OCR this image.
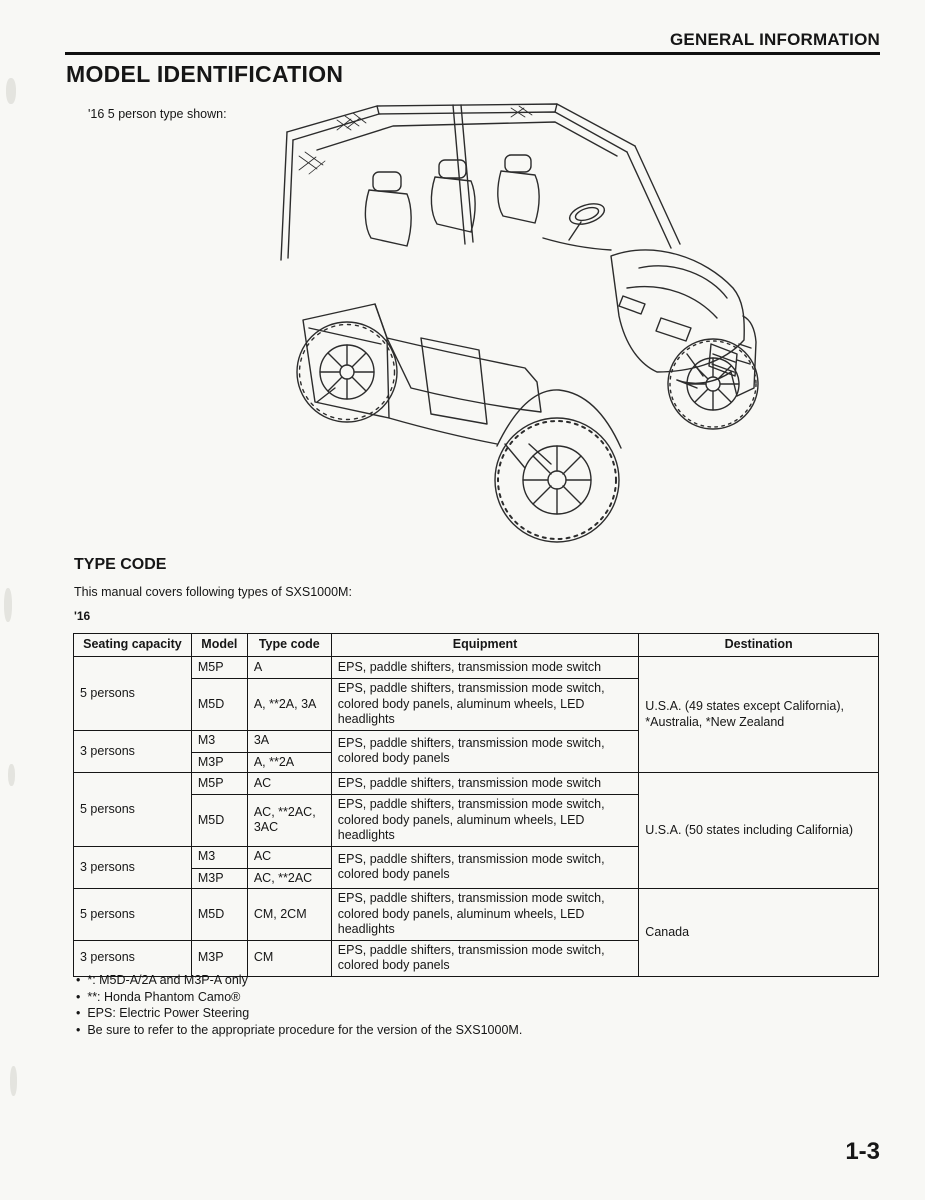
GENERAL INFORMATION
MODEL IDENTIFICATION
'16 5 person type shown:
TYPE CODE
This manual covers following types of SXS1000M:
'16
Seating capacity	Model	Type code	Equipment	Destination
5 persons	M5P	A	EPS, paddle shifters, transmission mode switch	U.S.A. (49 states except California), *Australia, *New Zealand
	M5D	A, **2A, 3A	EPS, paddle shifters, transmission mode switch, colored body panels, aluminum wheels, LED headlights	
3 persons	M3	3A	EPS, paddle shifters, transmission mode switch, colored body panels	
	M3P	A, **2A		
5 persons	M5P	AC	EPS, paddle shifters, transmission mode switch	U.S.A. (50 states including California)
	M5D	AC, **2AC, 3AC	EPS, paddle shifters, transmission mode switch, colored body panels, aluminum wheels, LED headlights	
3 persons	M3	AC	EPS, paddle shifters, transmission mode switch, colored body panels	
	M3P	AC, **2AC		
5 persons	M5D	CM, 2CM	EPS, paddle shifters, transmission mode switch, colored body panels, aluminum wheels, LED headlights	Canada
3 persons	M3P	CM	EPS, paddle shifters, transmission mode switch, colored body panels	
•  *: M5D-A/2A and M3P-A only
•  **: Honda Phantom Camo®
•  EPS: Electric Power Steering
•  Be sure to refer to the appropriate procedure for the version of the SXS1000M.
1-3
